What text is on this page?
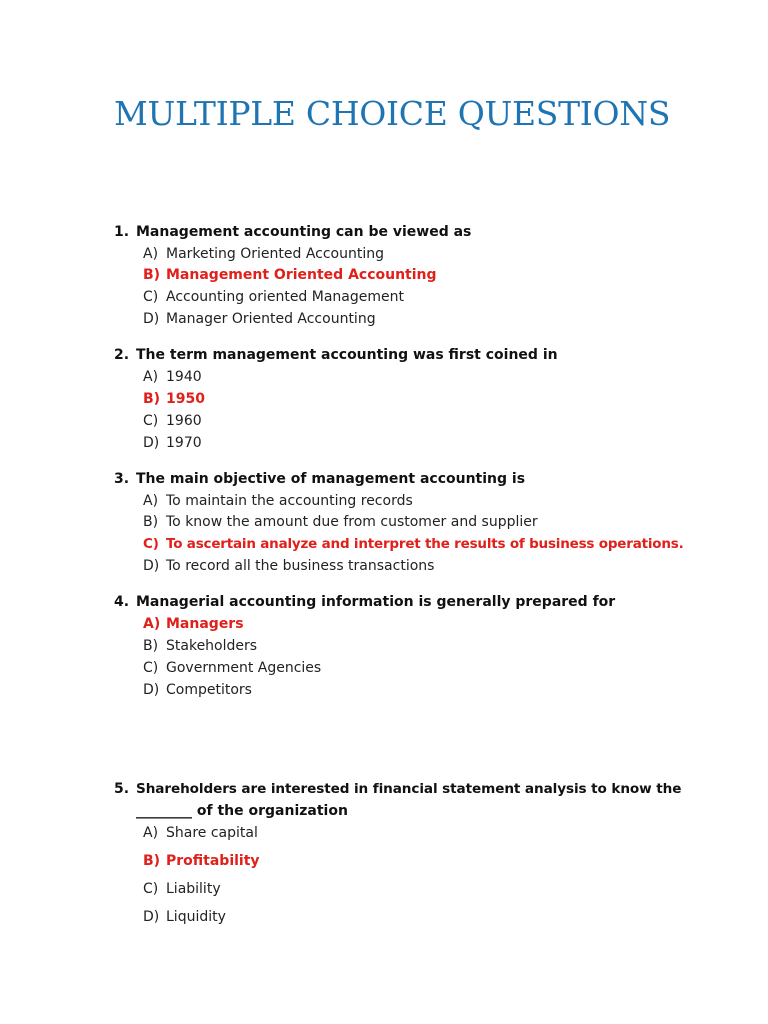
MULTIPLE CHOICE QUESTIONS
1. Management accounting can be viewed as
A) Marketing Oriented Accounting
B) Management Oriented Accounting
C) Accounting oriented Management
D) Manager Oriented Accounting
2. The term management accounting was first coined in
A) 1940
B) 1950
C) 1960
D) 1970
3. The main objective of management accounting is
A) To maintain the accounting records
B) To know the amount due from customer and supplier
C) To ascertain analyze and interpret the results of business operations.
D) To record all the business transactions
4. Managerial accounting information is generally prepared for
A) Managers
B) Stakeholders
C) Government Agencies
D) Competitors
5. Shareholders are interested in financial statement analysis to know the
________ of the organization
A) Share capital
B) Profitability
C) Liability
D) Liquidity
